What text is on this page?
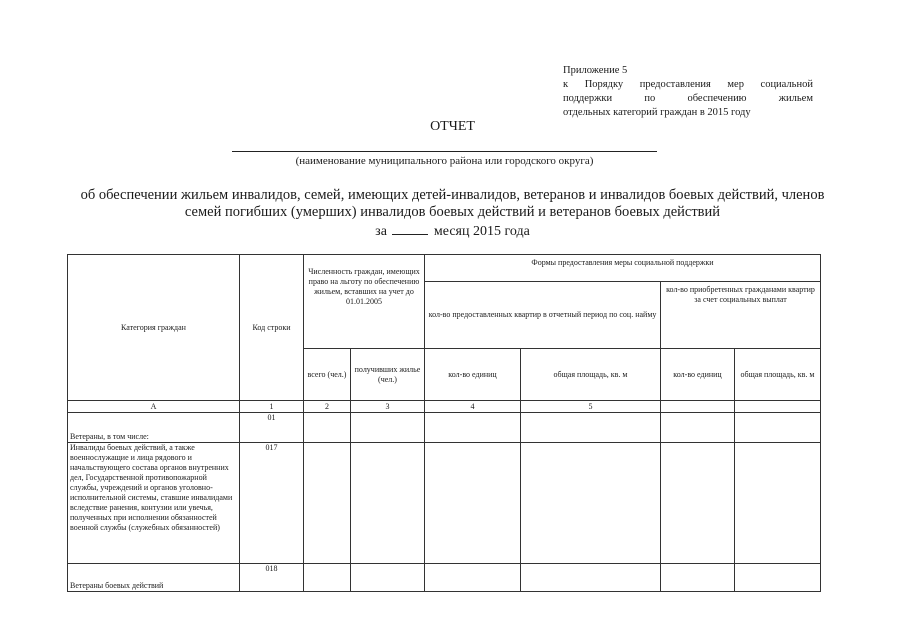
Приложение 5
к Порядку предоставления мер социальной
поддержки	по	обеспечению	жильем
отдельных категорий граждан в 2015 году
ОТЧЕТ
(наименование муниципального района или городского округа)
об обеспечении жильем инвалидов, семей, имеющих детей-инвалидов, ветеранов и инвалидов боевых действий, членов
семей погибших (умерших) инвалидов боевых действий и ветеранов боевых действий
за	месяц 2015 года
Категория граждан	Код строки	Численность граждан, имеющих право на льготу по обеспечению жильем, вставших на учет до 01.01.2005		Формы предоставления меры социальной поддержки			
				кол-во предоставленных квартир в отчетный период по соц. найму		кол-во приобретенных гражданами квартир за счет социальных выплат	
		всего (чел.)	получивших жилье (чел.)	кол-во единиц	общая площадь, кв. м	кол-во единиц	общая площадь, кв. м
А	1	2	3	4	5		
Ветераны, в том числе:	01						
Инвалиды боевых действий, а также военнослужащие и лица рядового и начальствующего состава органов внутренних дел, Государственной противопожарной службы, учреждений и органов уголовно- исполнительной системы, ставшие инвалидами вследствие ранения, контузии или увечья, полученных при исполнении обязанностей военной службы (служебных обязанностей)	017						
Ветераны боевых действий	018						
